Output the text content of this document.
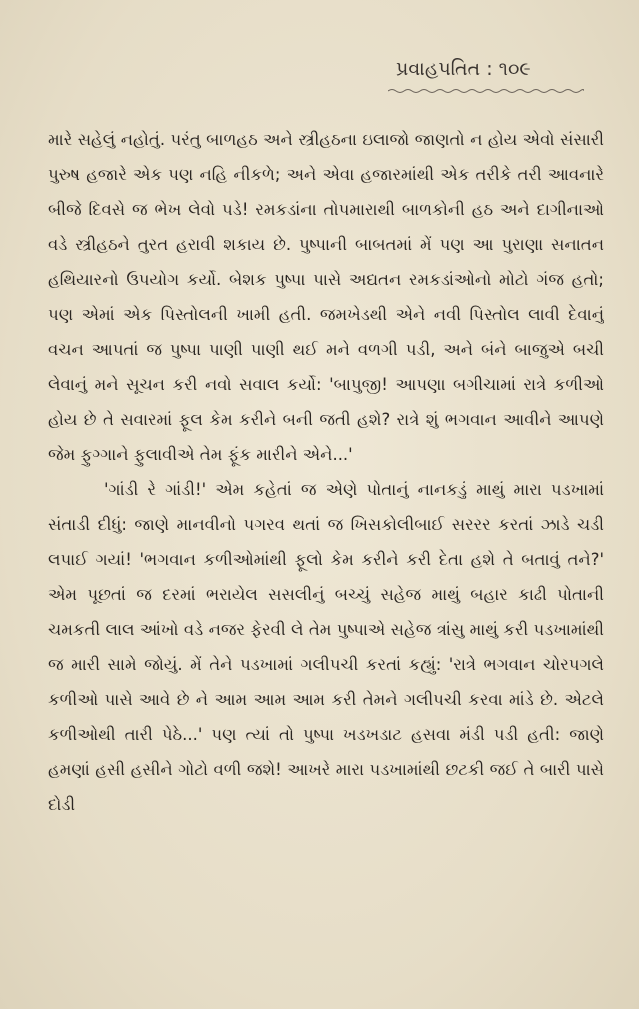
પ્રવાહપતિત : ૧૦૯

મારે સહેલું નહોતું. પરંતુ બાળહઠ અને સ્ત્રીહઠના ઇલાજો જાણતો ન હોય એવો સંસારી પુરુષ હજારે એક પણ નહિ નીકળે; અને એવા હજારમાંથી એક તરીકે તરી આવનારે બીજે દિવસે જ ભેખ લેવો પડે! રમકડાંના તોપમારાથી બાળકોની હઠ અને દાગીનાઓ વડે સ્ત્રીહઠને તુરત હરાવી શકાય છે. પુષ્પાની બાબતમાં મેં પણ આ પુરાણા સનાતન હથિયારનો ઉપયોગ કર્યો. બેશક પુષ્પા પાસે અદ્યતન રમકડાંઓનો મોટો ગંજ હતો; પણ એમાં એક પિસ્તોલની ખામી હતી. જમખેડથી એને નવી પિસ્તોલ લાવી દેવાનું વચન આપતાં જ પુષ્પા પાણી પાણી થઈ મને વળગી પડી, અને બંને બાજુએ બચી લેવાનું મને સૂચન કરી નવો સવાલ કર્યો: 'બાપુજી! આપણા બગીચામાં રાત્રે કળીઓ હોય છે તે સવારમાં ફૂલ કેમ કરીને બની જતી હશે? રાત્રે શું ભગવાન આવીને આપણે જેમ ફુગ્ગાને ફુલાવીએ તેમ ફૂંક મારીને એને...'

'ગાંડી રે ગાંડી!' એમ કહેતાં જ એણે પોતાનું નાનકડું માથું મારા પડખામાં સંતાડી દીધું: જાણે માનવીનો પગરવ થતાં જ ખિસકોલીબાઈ સરરર કરતાં ઝાડે ચડી લપાઈ ગયાં! 'ભગવાન કળીઓમાંથી ફૂલો કેમ કરીને કરી દેતા હશે તે બતાવું તને?' એમ પૂછતાં જ દરમાં ભરાયેલ સસલીનું બચ્ચું સહેજ માથું બહાર કાઢી પોતાની ચમકતી લાલ આંખો વડે નજર ફેરવી લે તેમ પુષ્પાએ સહેજ ત્રાંસુ માથું કરી પડખામાંથી જ મારી સામે જોયું. મેં તેને પડખામાં ગલીપચી કરતાં કહ્યું: 'રાત્રે ભગવાન ચોરપગલે કળીઓ પાસે આવે છે ને આમ આમ આમ કરી તેમને ગલીપચી કરવા માંડે છે. એટલે કળીઓથી તારી પેઠે...' પણ ત્યાં તો પુષ્પા ખડખડાટ હસવા મંડી પડી હતી: જાણે હમણાં હસી હસીને ગોટો વળી જશે! આખરે મારા પડખામાંથી છટકી જઈ તે બારી પાસે દોડી
